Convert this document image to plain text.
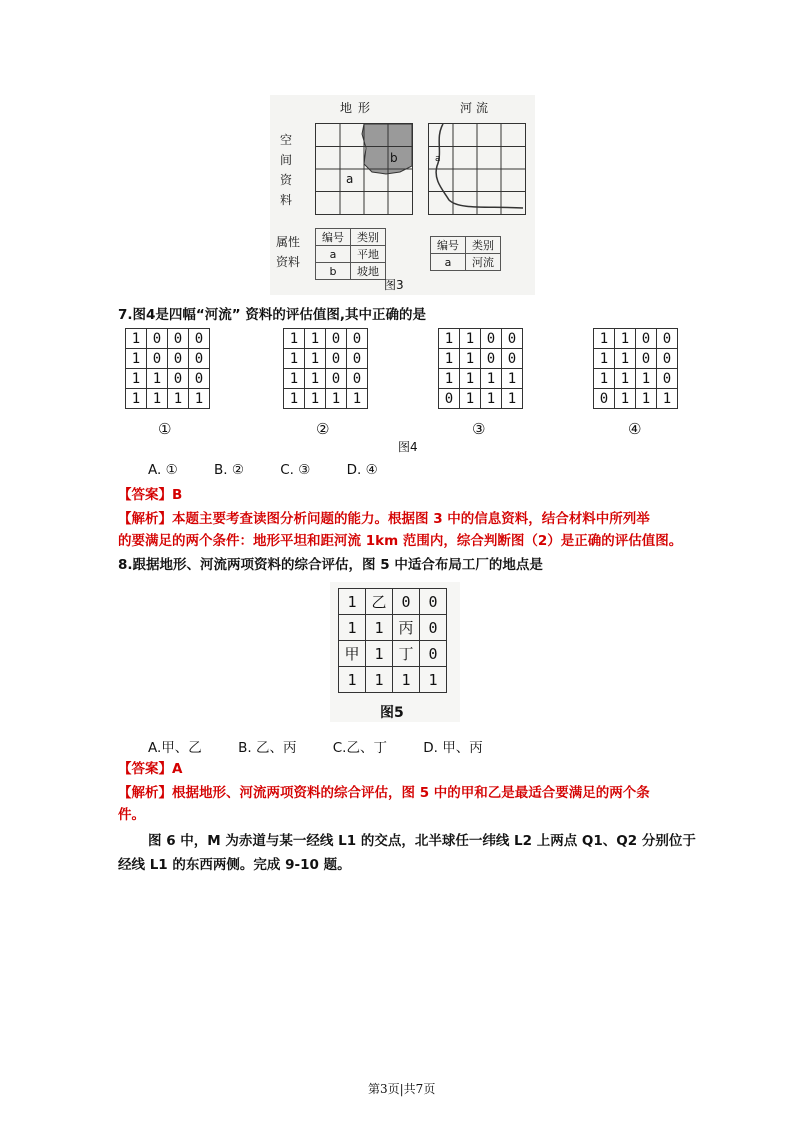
地形	河流
空
间
资
料
a
b	a
属性
资料
编号	类别
a	平地
b	坡地
编号	类别
a	河流
图3
7.图4是四幅“河流” 资料的评估值图,其中正确的是
1	0	0	0
1	0	0	0
1	1	0	0
1	1	1	1
①
1	1	0	0
1	1	0	0
1	1	0	0
1	1	1	1
②
1	1	0	0
1	1	0	0
1	1	1	1
0	1	1	1
③
1	1	0	0
1	1	0	0
1	1	1	0
0	1	1	1
④
图4
A. ①	B. ②	C. ③	D. ④
【答案】B
【解析】本题主要考查读图分析问题的能力。根据图 3 中的信息资料，结合材料中所列举
的要满足的两个条件：地形平坦和距河流 1km 范围内，综合判断图（2）是正确的评估值图。
8.跟据地形、河流两项资料的综合评估，图 5 中适合布局工厂的地点是
1	乙	0	0
1	1	丙	0
甲	1	丁	0
1	1	1	1
图5
A.甲、乙	B. 乙、丙	C.乙、丁	D. 甲、丙
【答案】A
【解析】根据地形、河流两项资料的综合评估，图 5 中的甲和乙是最适合要满足的两个条
件。
图 6 中，M 为赤道与某一经线 L1 的交点，北半球任一纬线 L2 上两点 Q1、Q2 分别位于
经线 L1 的东西两侧。完成 9-10 题。
第3页|共7页
